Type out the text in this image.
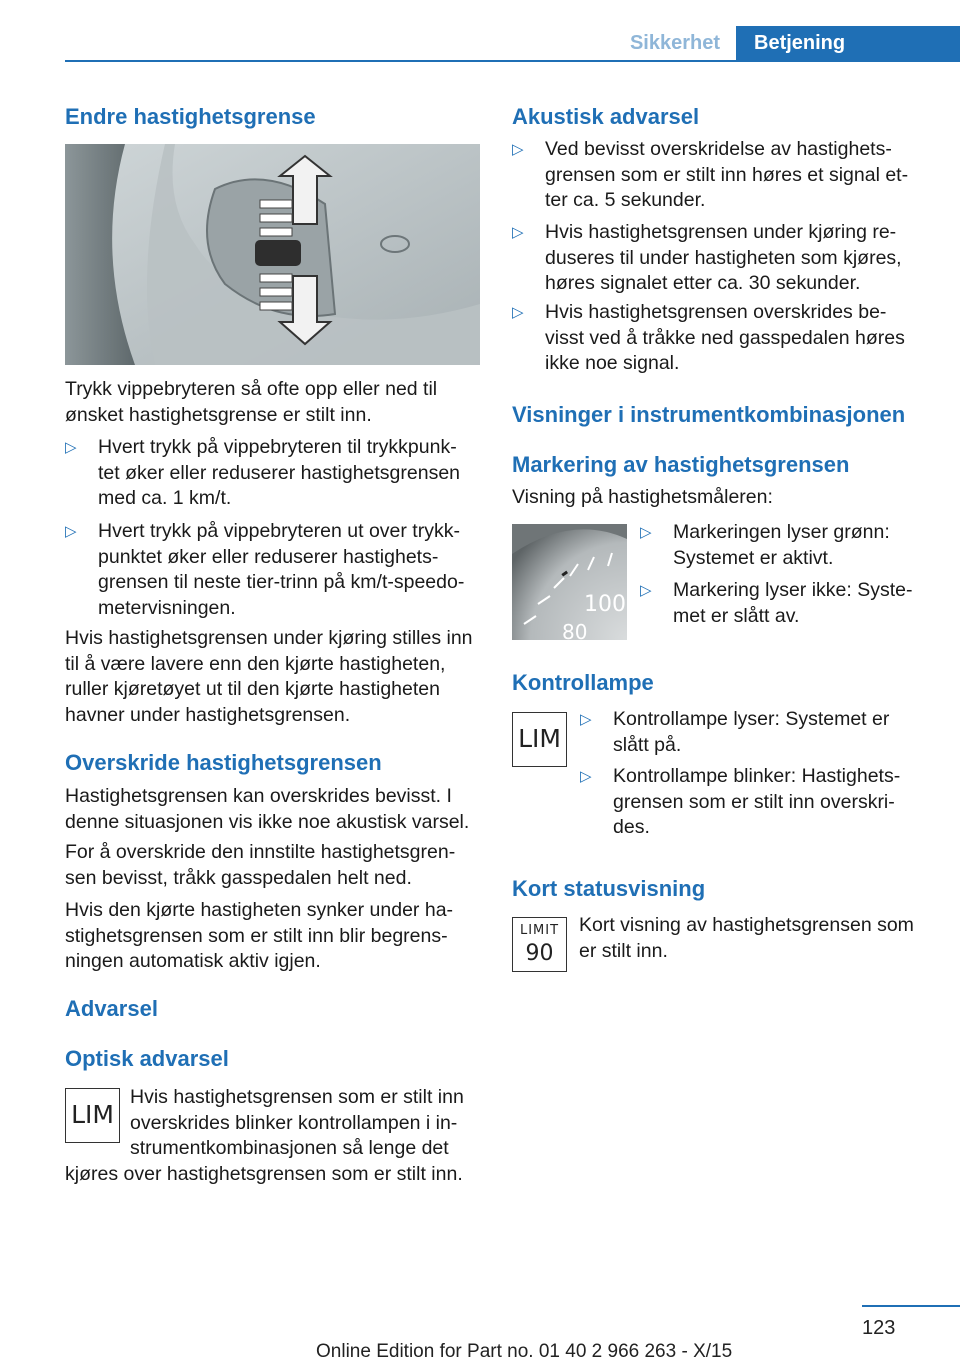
Sikkerhet	Betjening
Endre hastighetsgrense

Trykk vippebryteren så ofte opp eller ned til ønsket hastighetsgrense er stilt inn.

▷ Hvert trykk på vippebryteren til trykkpunk-tet øker eller reduserer hastighetsgrensen med ca. 1 km/t.
▷ Hvert trykk på vippebryteren ut over trykk-punktet øker eller reduserer hastighets-grensen til neste tier-trinn på km/t-speedo-metervisningen.

Hvis hastighetsgrensen under kjøring stilles inn til å være lavere enn den kjørte hastigheten, ruller kjøretøyet ut til den kjørte hastigheten havner under hastighetsgrensen.

Overskride hastighetsgrensen

Hastighetsgrensen kan overskrides bevisst. I denne situasjonen vis ikke noe akustisk varsel.

For å overskride den innstilte hastighetsgren-sen bevisst, tråkk gasspedalen helt ned.

Hvis den kjørte hastigheten synker under ha-stighetsgrensen som er stilt inn blir begrens-ningen automatisk aktiv igjen.

Advarsel
Optisk advarsel
LIM

Hvis hastighetsgrensen som er stilt inn overskrides blinker kontrollampen i in-strumentkombinasjonen så lenge det

kjøres over hastighetsgrensen som er stilt inn.

Akustisk advarsel
▷ Ved bevisst overskridelse av hastighets-grensen som er stilt inn høres et signal et-ter ca. 5 sekunder.
▷ Hvis hastighetsgrensen under kjøring re-duseres til under hastigheten som kjøres, høres signalet etter ca. 30 sekunder.
▷ Hvis hastighetsgrensen overskrides be-visst ved å tråkke ned gasspedalen høres ikke noe signal.
Visninger i instrumentkombinasjonen
Markering av hastighetsgrensen

Visning på hastighetsmåleren:

100
80
▷ Markeringen lyser grønn: Systemet er aktivt.
▷ Markering lyser ikke: Syste-met er slått av.
Kontrollampe
LIM
▷ Kontrollampe lyser: Systemet er slått på.
▷ Kontrollampe blinker: Hastighets-grensen som er stilt inn overskri-des.
Kort statusvisning
LIMIT
90

Kort visning av hastighetsgrensen som er stilt inn.

123
Online Edition for Part no. 01 40 2 966 263 - X/15
